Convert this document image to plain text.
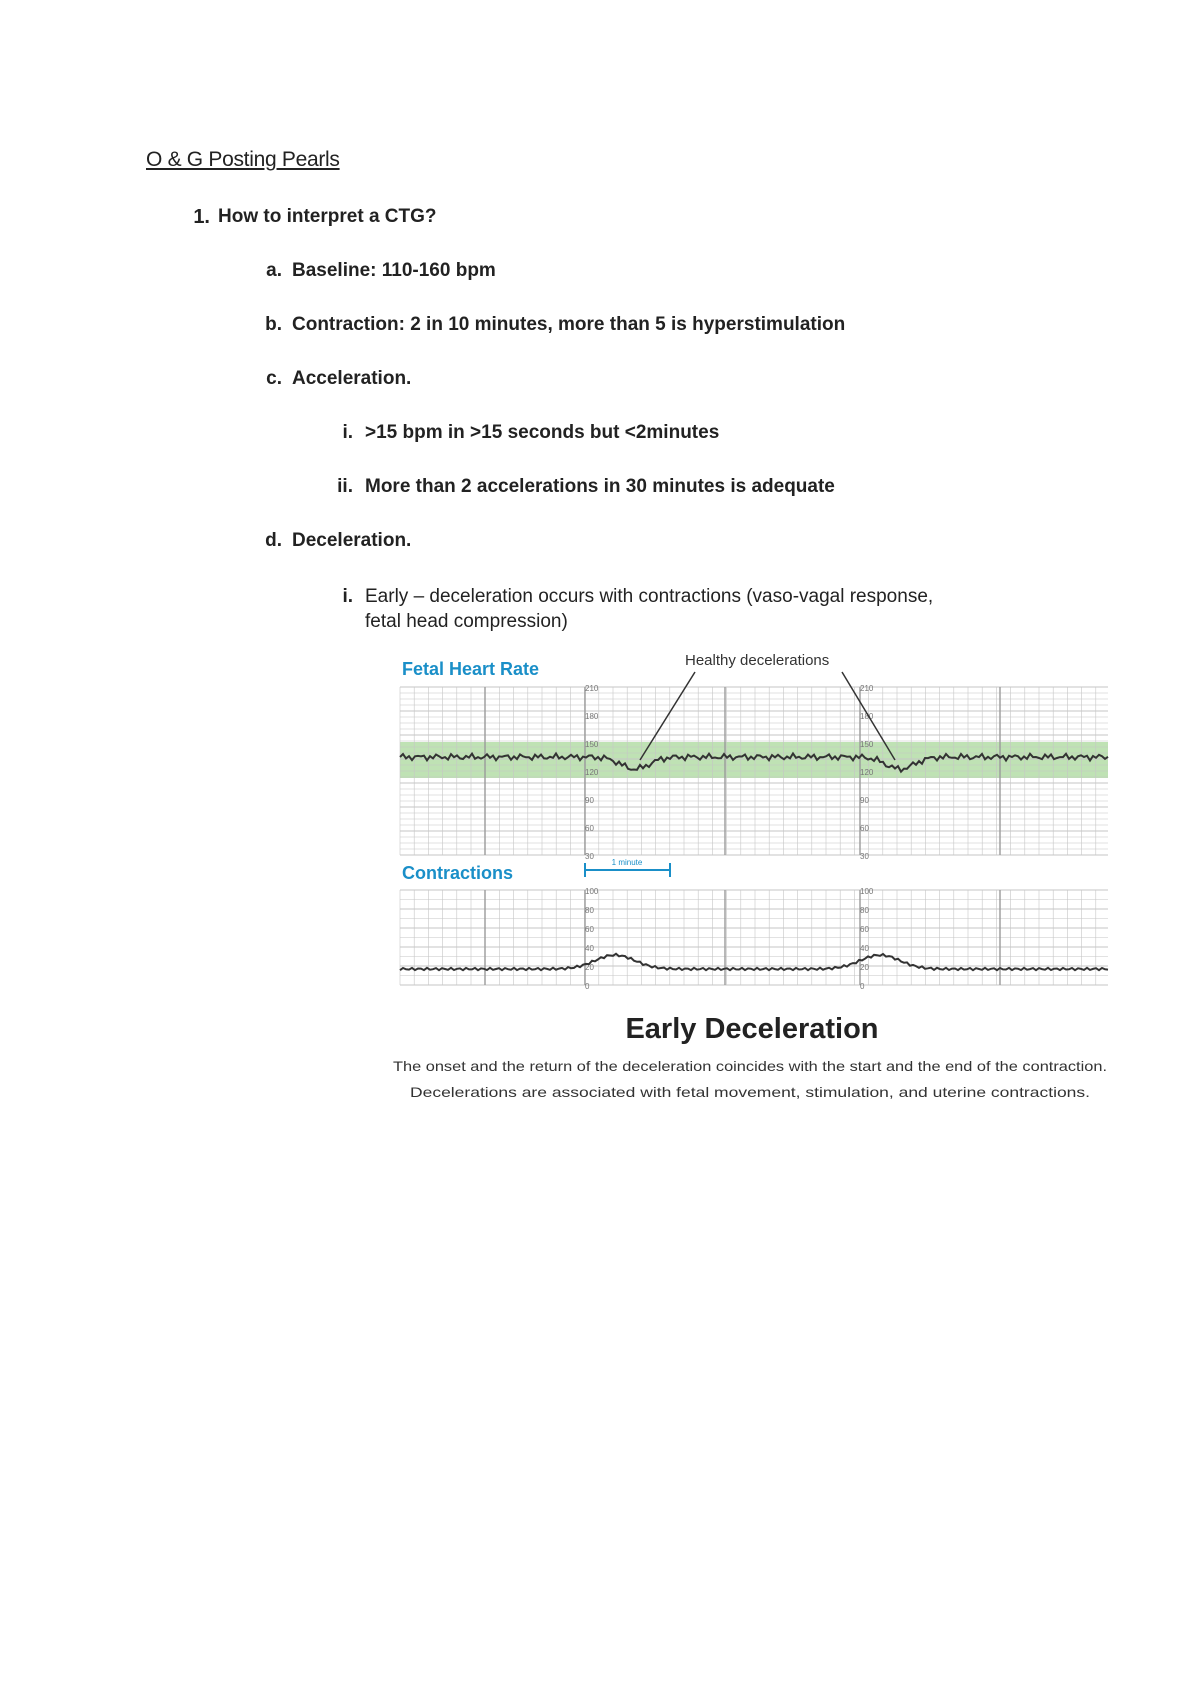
O & G Posting Pearls
1. How to interpret a CTG?
a. Baseline: 110-160 bpm
b. Contraction: 2 in 10 minutes, more than 5 is hyperstimulation
c. Acceleration.
i. >15 bpm in >15 seconds but <2minutes
ii. More than 2 accelerations in 30 minutes is adequate
d. Deceleration.
i. Early – deceleration occurs with contractions (vaso-vagal response,
fetal head compression)
210	210
180	180
150	150
120	120
90	90
60	60
30	30
100	100
80	80
60	60
40	40
20	20
0	0
Fetal Heart Rate	Healthy decelerations
Contractions
1 minute
Early Deceleration
The onset and the return of the deceleration coincides with the start and the end of the contraction.
Decelerations are associated with fetal movement, stimulation, and uterine contractions.
